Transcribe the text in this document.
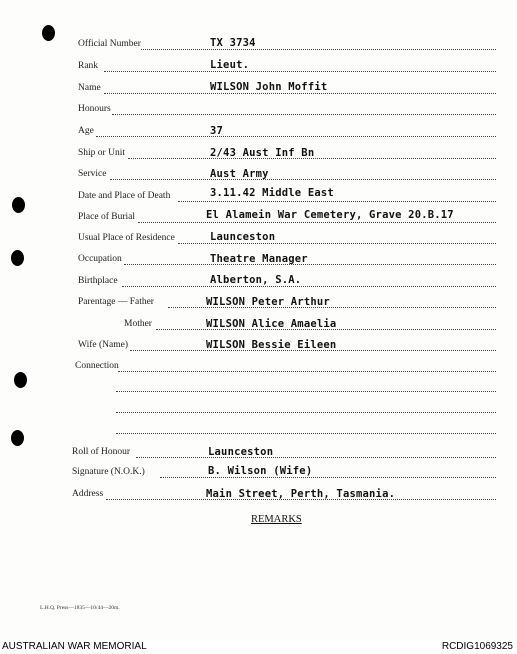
Official Number	TX 3734
Rank	Lieut.
Name	WILSON John Moffit
Honours
Age	37
Ship or Unit	2/43 Aust Inf Bn
Service	Aust Army
Date and Place of Death	3.11.42 Middle East
Place of Burial	El Alamein War Cemetery, Grave 20.B.17
Usual Place of Residence	Launceston
Occupation	Theatre Manager
Birthplace	Alberton, S.A.
Parentage — Father	WILSON Peter Arthur
Mother	WILSON Alice Amaelia
Wife (Name)	WILSON Bessie Eileen
Connection
Roll of Honour	Launceston
Signature (N.O.K.)	B. Wilson (Wife)
Address	Main Street, Perth, Tasmania.
REMARKS
L.H.Q. Press—1835—10/44—20m.
AUSTRALIAN WAR MEMORIAL	RCDIG1069325
